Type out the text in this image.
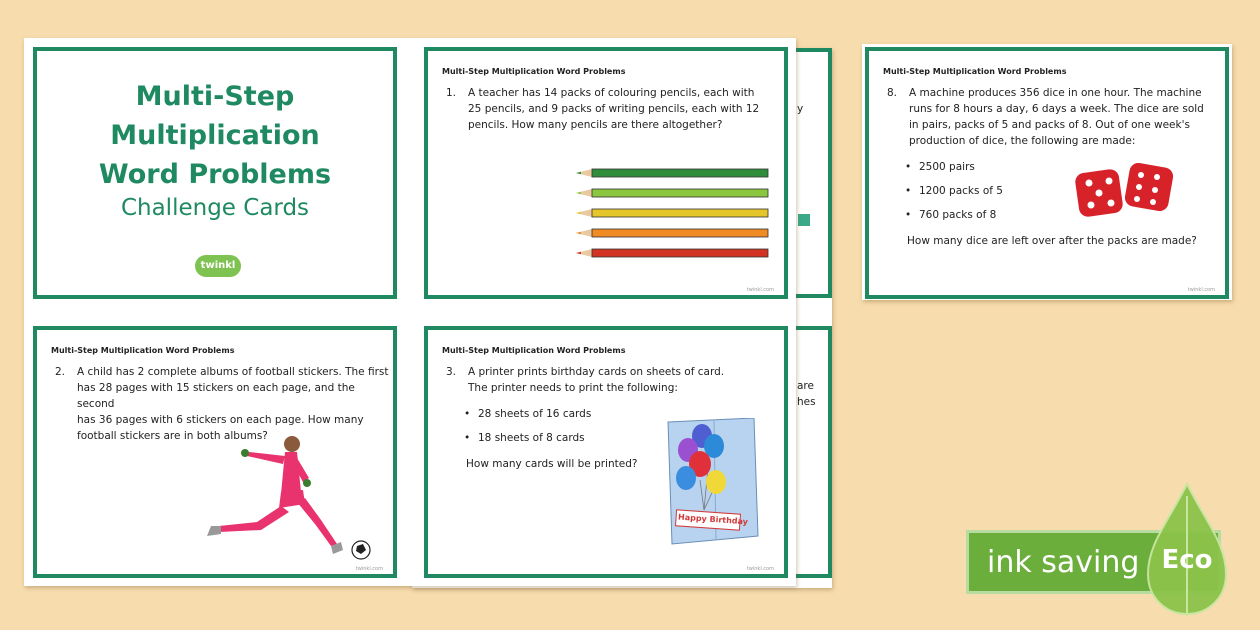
y
are
hes
Multi-Step
Multiplication
Word Problems
Challenge Cards
twinkl
Multi-Step Multiplication Word Problems
1. A teacher has 14 packs of colouring pencils, each with
25 pencils, and 9 packs of writing pencils, each with 12
pencils. How many pencils are there altogether?
twinkl.com
Multi-Step Multiplication Word Problems
2. A child has 2 complete albums of football stickers. The first
has 28 pages with 15 stickers on each page, and the second
has 36 pages with 6 stickers on each page. How many
football stickers are in both albums?
twinkl.com
Multi-Step Multiplication Word Problems
3. A printer prints birthday cards on sheets of card.
The printer needs to print the following:
• 28 sheets of 16 cards
• 18 sheets of 8 cards
How many cards will be printed?
Happy Birthday
twinkl.com
Multi-Step Multiplication Word Problems
8. A machine produces 356 dice in one hour. The machine
runs for 8 hours a day, 6 days a week. The dice are sold
in pairs, packs of 5 and packs of 8. Out of one week's
production of dice, the following are made:
• 2500 pairs
• 1200 packs of 5
• 760 packs of 8
How many dice are left over after the packs are made?
twinkl.com
ink saving Eco
